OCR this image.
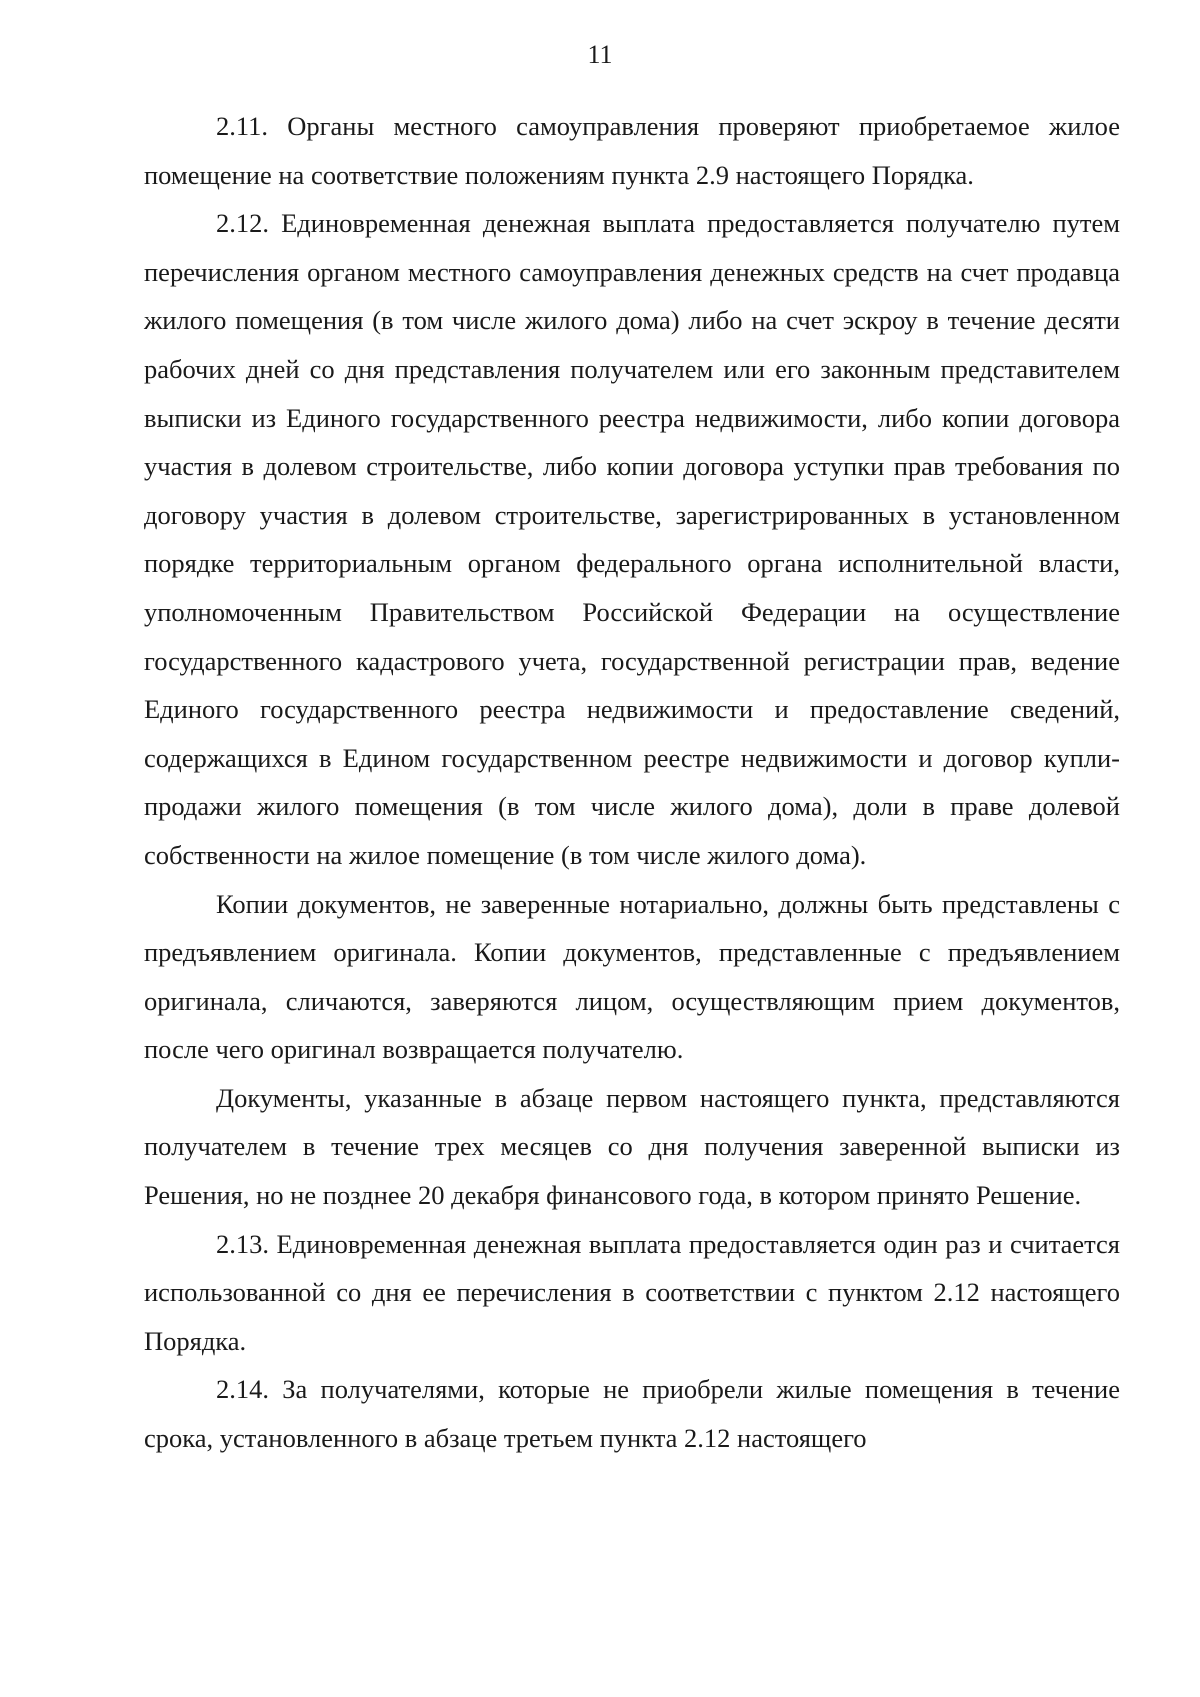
11

2.11. Органы местного самоуправления проверяют приобретаемое жилое помещение на соответствие положениям пункта 2.9 настоящего Порядка.

2.12. Единовременная денежная выплата предоставляется получателю путем перечисления органом местного самоуправления денежных средств на счет продавца жилого помещения (в том числе жилого дома) либо на счет эскроу в течение десяти рабочих дней со дня представления получателем или его законным представителем выписки из Единого государственного реестра недвижимости, либо копии договора участия в долевом строительстве, либо копии договора уступки прав требования по договору участия в долевом строительстве, зарегистрированных в установленном порядке территориальным органом федерального органа исполнительной власти, уполномоченным Правительством Российской Федерации на осуществление государственного кадастрового учета, государственной регистрации прав, ведение Единого государственного реестра недвижимости и предоставление сведений, содержащихся в Едином государственном реестре недвижимости и договор купли-продажи жилого помещения (в том числе жилого дома), доли в праве долевой собственности на жилое помещение (в том числе жилого дома).

Копии документов, не заверенные нотариально, должны быть представлены с предъявлением оригинала. Копии документов, представленные с предъявлением оригинала, сличаются, заверяются лицом, осуществляющим прием документов, после чего оригинал возвращается получателю.

Документы, указанные в абзаце первом настоящего пункта, представляются получателем в течение трех месяцев со дня получения заверенной выписки из Решения, но не позднее 20 декабря финансового года, в котором принято Решение.

2.13. Единовременная денежная выплата предоставляется один раз и считается использованной со дня ее перечисления в соответствии с пунктом 2.12 настоящего Порядка.

2.14. За получателями, которые не приобрели жилые помещения в течение срока, установленного в абзаце третьем пункта 2.12 настоящего
